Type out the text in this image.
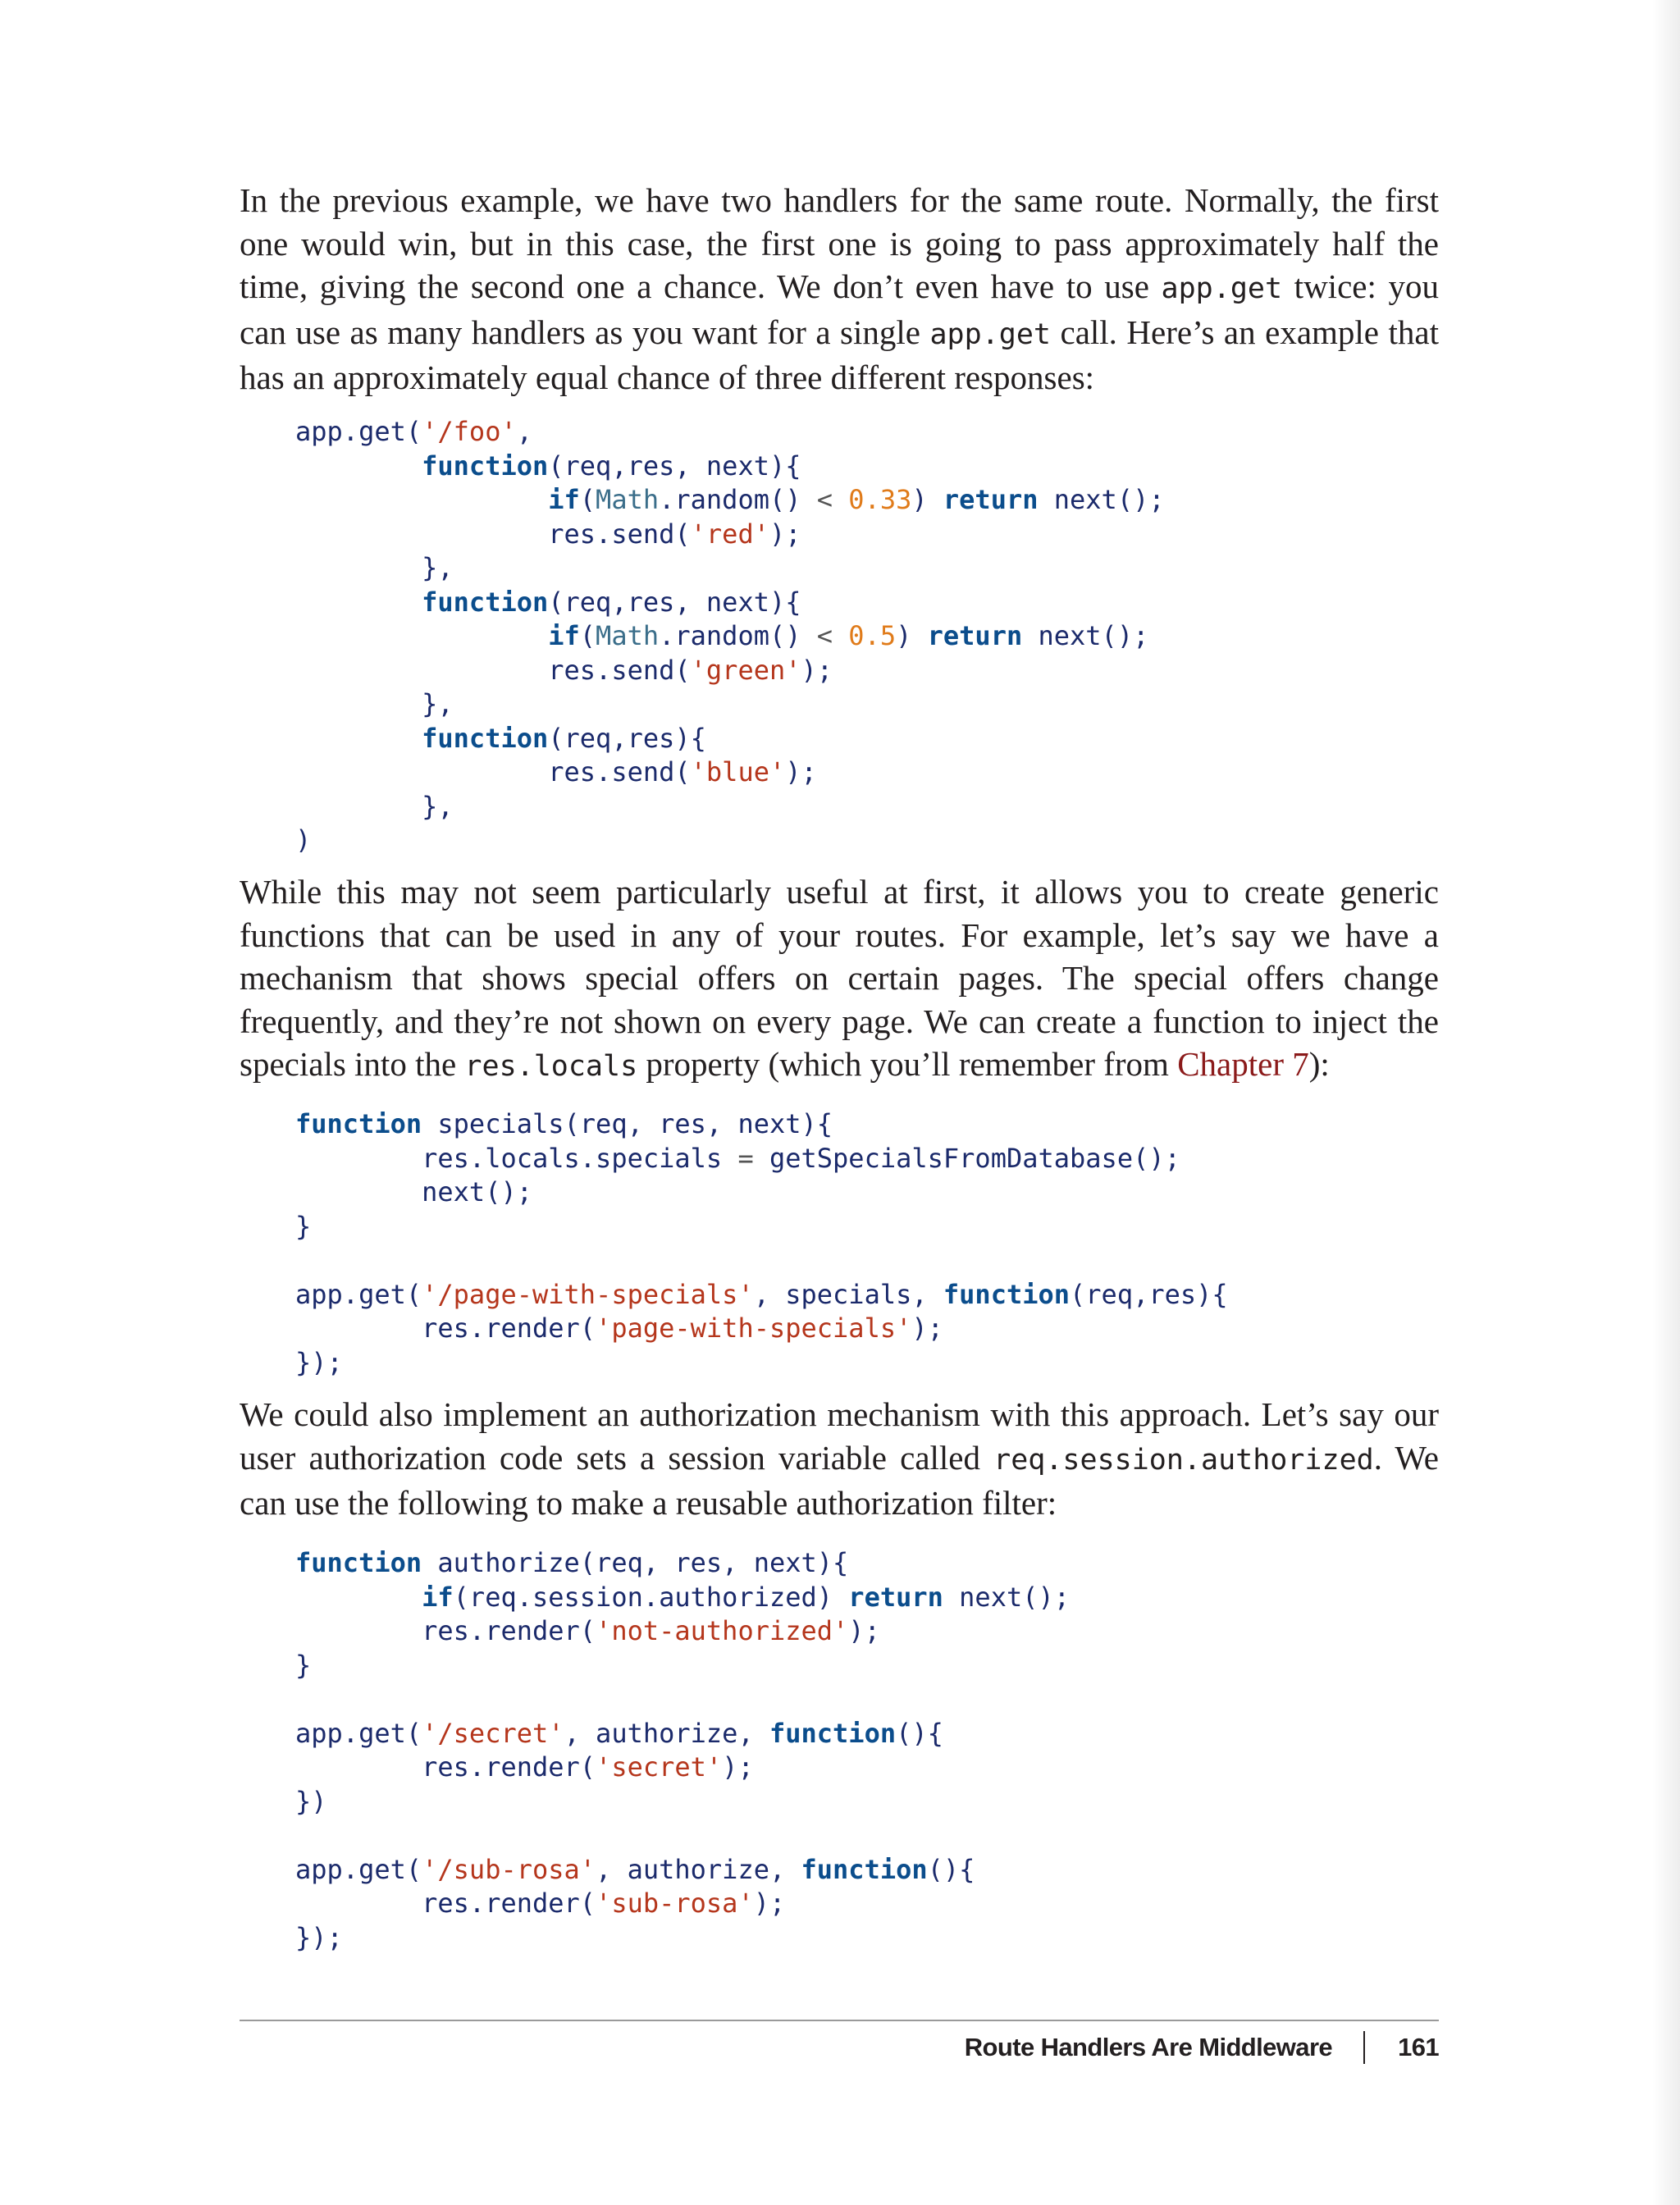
In the previous example, we have two handlers for the same route. Normally, the first one would win, but in this case, the first one is going to pass approximately half the time, giving the second one a chance. We don’t even have to use app.get twice: you can use as many handlers as you want for a single app.get call. Here’s an example that has an approximately equal chance of three different responses:

app.get('/foo',
function(req,res, next){
if(Math.random() < 0.33) return next();
res.send('red');
},
function(req,res, next){
if(Math.random() < 0.5) return next();
res.send('green');
},
function(req,res){
res.send('blue');
},
)

While this may not seem particularly useful at first, it allows you to create generic functions that can be used in any of your routes. For example, let’s say we have a mechanism that shows special offers on certain pages. The special offers change frequently, and they’re not shown on every page. We can create a function to inject the specials into the res.locals property (which you’ll remember from Chapter 7):

function specials(req, res, next){
res.locals.specials = getSpecialsFromDatabase();
next();
}

app.get('/page-with-specials', specials, function(req,res){
res.render('page-with-specials');
});

We could also implement an authorization mechanism with this approach. Let’s say our user authorization code sets a session variable called req.session.authorized. We can use the following to make a reusable authorization filter:

function authorize(req, res, next){
if(req.session.authorized) return next();
res.render('not-authorized');
}

app.get('/secret', authorize, function(){
res.render('secret');
})

app.get('/sub-rosa', authorize, function(){
res.render('sub-rosa');
});
Route Handlers Are Middleware	161
